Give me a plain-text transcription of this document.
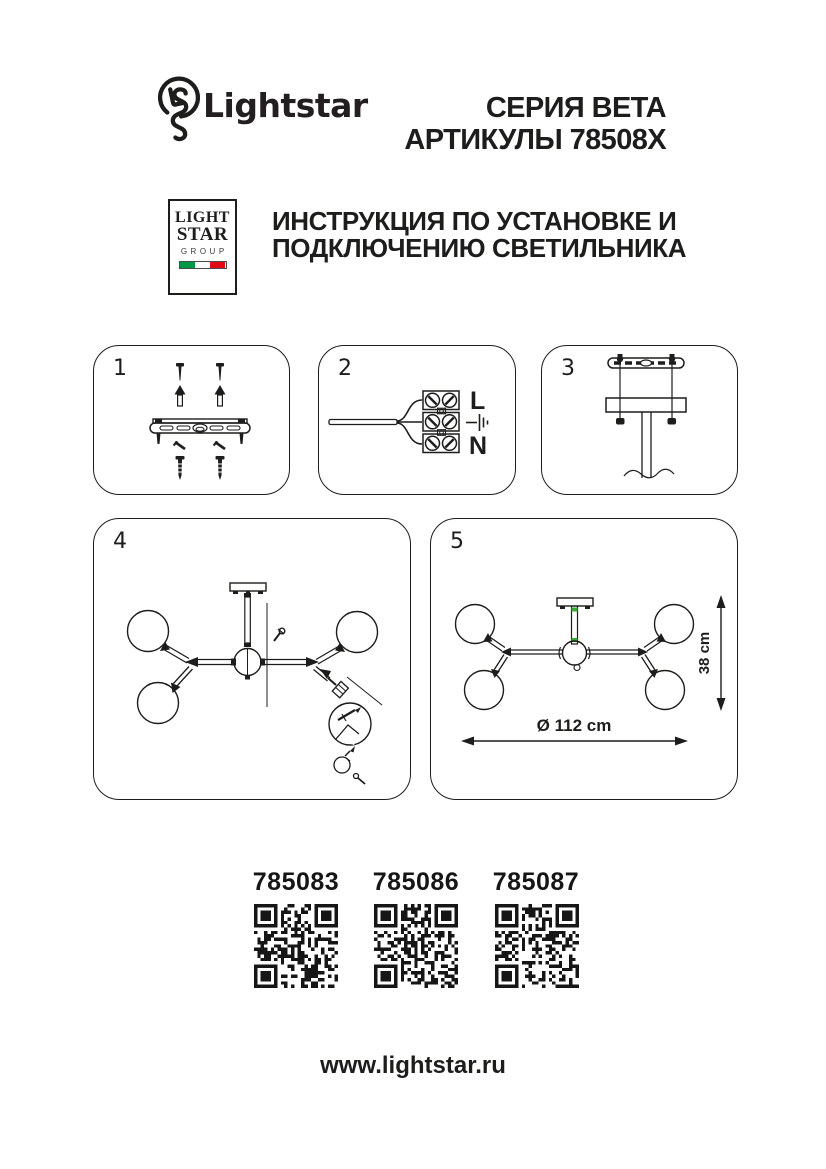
Lightstar	СЕРИЯ BETA
АРТИКУЛЫ 78508X
LIGHT
STAR
GROUP
ИНСТРУКЦИЯ ПО УСТАНОВКЕ И
ПОДКЛЮЧЕНИЮ СВЕТИЛЬНИКА
1	2
L
N
3
4	5
Ø 112 cm
38 cm
785083	785086	785087
www.lightstar.ru
